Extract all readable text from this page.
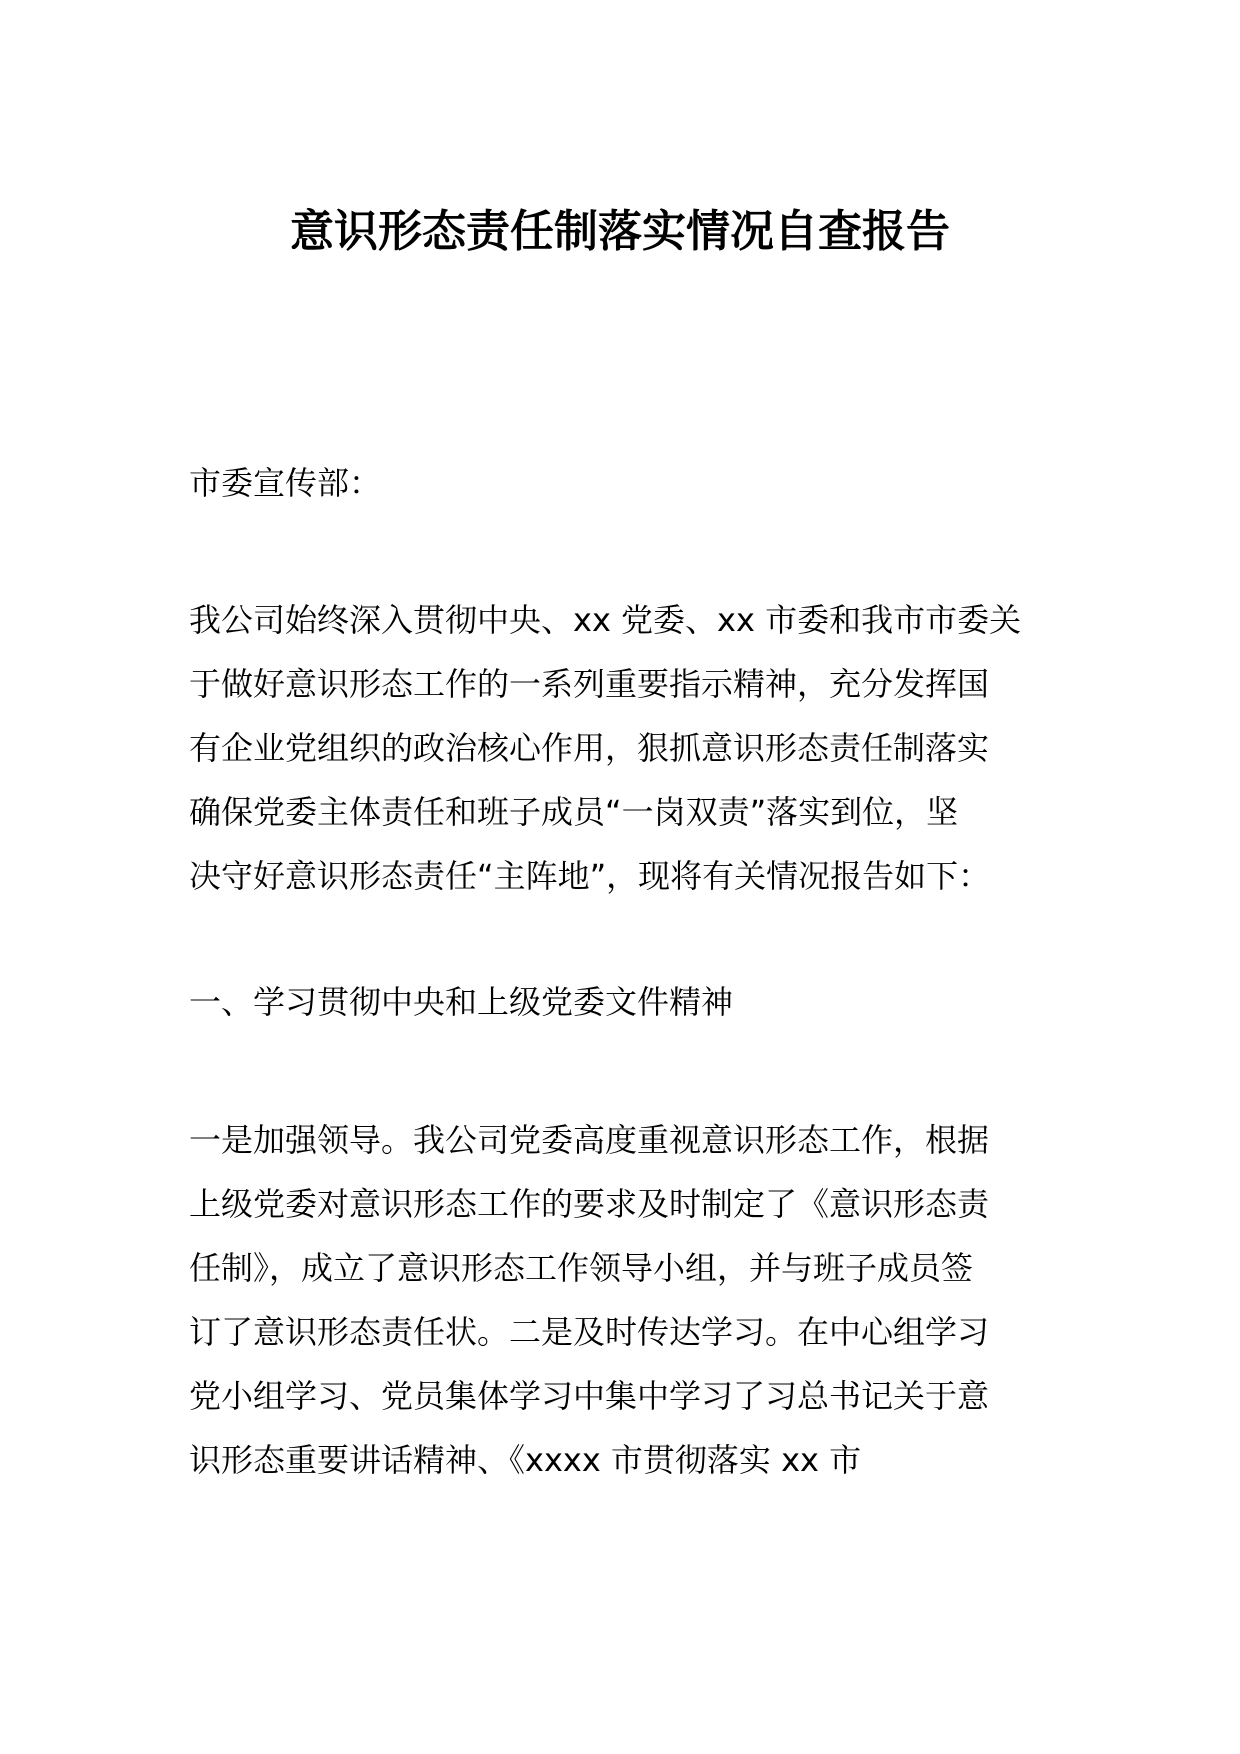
意识形态责任制落实情况自查报告
市委宣传部：
我公司始终深入贯彻中央、xx 党委、xx 市委和我市市委关
于做好意识形态工作的一系列重要指示精神，充分发挥国
有企业党组织的政治核心作用，狠抓意识形态责任制落实
确保党委主体责任和班子成员“一岗双责”落实到位，坚
决守好意识形态责任“主阵地”，现将有关情况报告如下：
一、学习贯彻中央和上级党委文件精神
一是加强领导。我公司党委高度重视意识形态工作，根据
上级党委对意识形态工作的要求及时制定了《意识形态责
任制》，成立了意识形态工作领导小组，并与班子成员签
订了意识形态责任状。二是及时传达学习。在中心组学习
党小组学习、党员集体学习中集中学习了习总书记关于意
识形态重要讲话精神、《xxxx 市贯彻落实 xx 市
